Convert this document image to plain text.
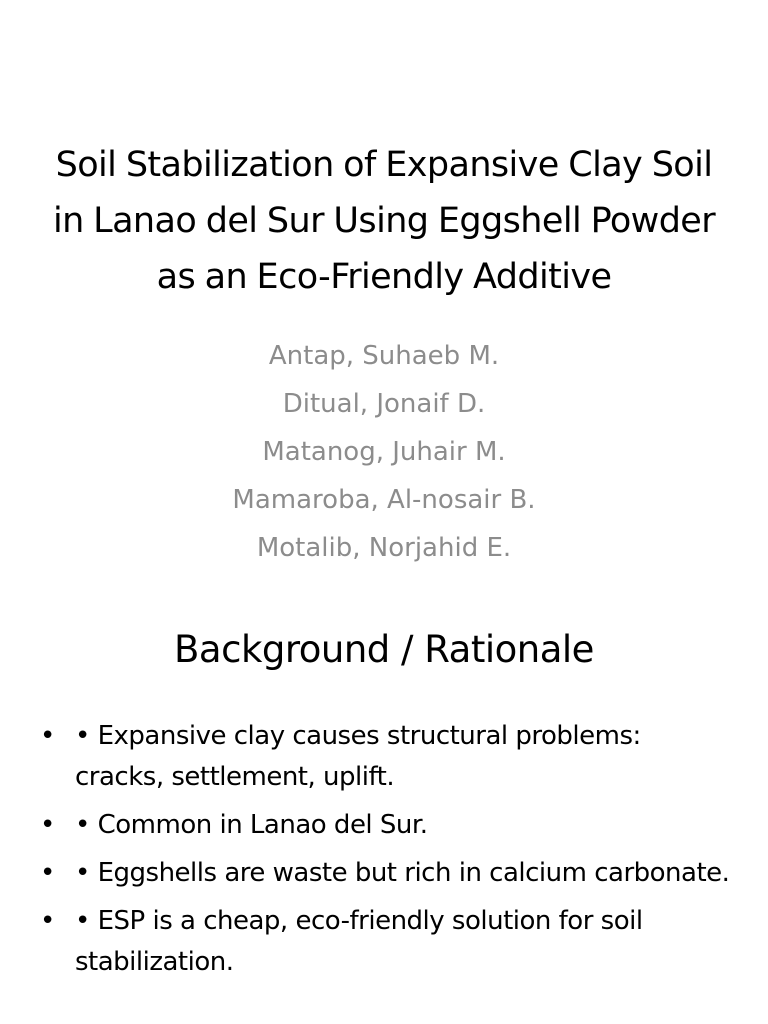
Soil Stabilization of Expansive Clay Soil in Lanao del Sur Using Eggshell Powder as an Eco-Friendly Additive
Antap, Suhaeb M.
Ditual, Jonaif D.
Matanog, Juhair M.
Mamaroba, Al-nosair B.
Motalib, Norjahid E.
Background / Rationale
• • Expansive clay causes structural problems: cracks, settlement, uplift.
• • Common in Lanao del Sur.
• • Eggshells are waste but rich in calcium carbonate.
• • ESP is a cheap, eco-friendly solution for soil stabilization.
